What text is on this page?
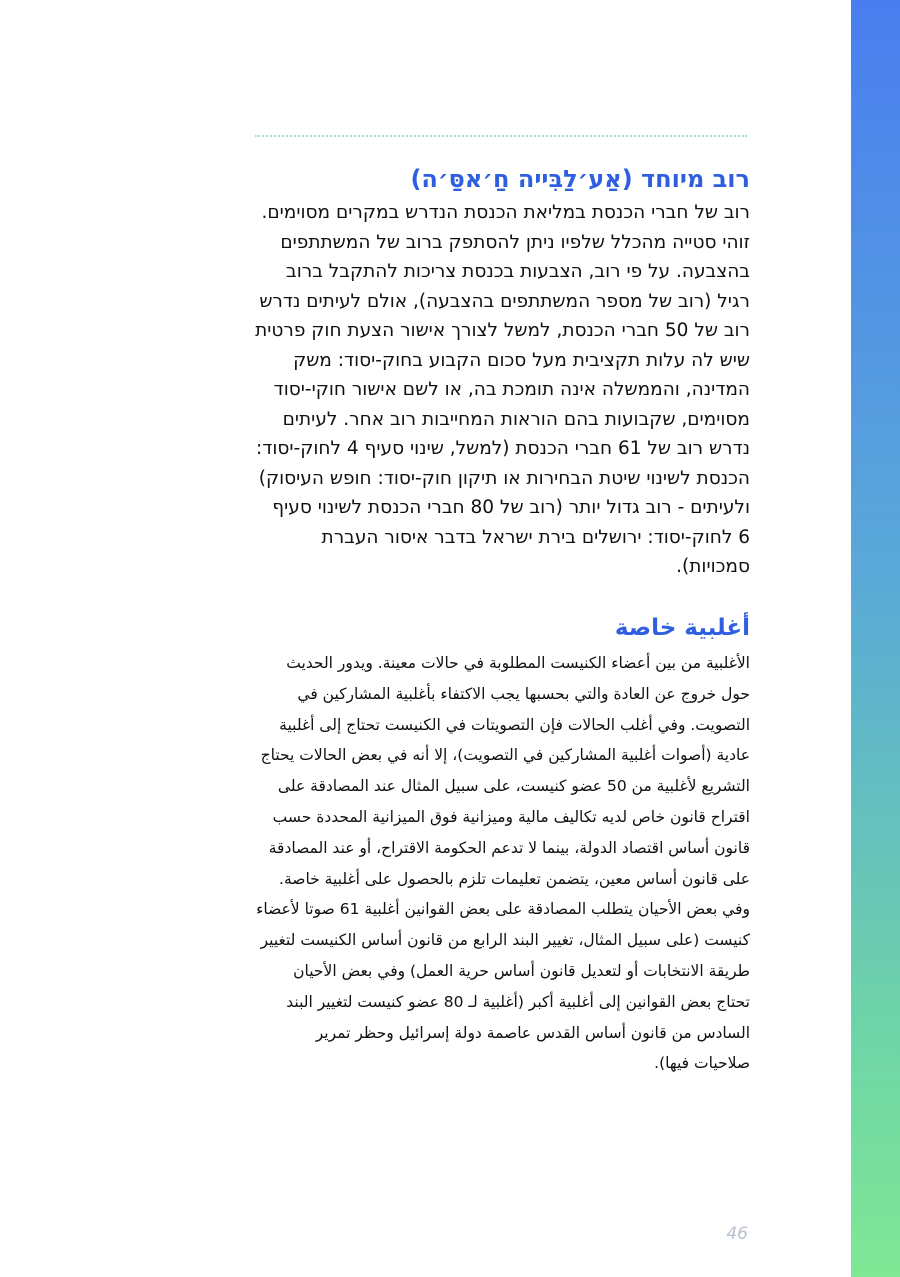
רוב מיוחד (אַע׳לַבִּייה חַ׳אסַּ׳ה)

רוב של חברי הכנסת במליאת הכנסת הנדרש במקרים מסוימים. זוהי סטייה מהכלל שלפיו ניתן להסתפק ברוב של המשתתפים בהצבעה. על פי רוב, הצבעות בכנסת צריכות להתקבל ברוב רגיל (רוב של מספר המשתתפים בהצבעה), אולם לעיתים נדרש רוב של 50 חברי הכנסת, למשל לצורך אישור הצעת חוק פרטית שיש לה עלות תקציבית מעל סכום הקבוע בחוק-יסוד: משק המדינה, והממשלה אינה תומכת בה, או לשם אישור חוקי-יסוד מסוימים, שקבועות בהם הוראות המחייבות רוב אחר. לעיתים נדרש רוב של 61 חברי הכנסת (למשל, שינוי סעיף 4 לחוק-יסוד: הכנסת לשינוי שיטת הבחירות או תיקון חוק-יסוד: חופש העיסוק) ולעיתים - רוב גדול יותר (רוב של 80 חברי הכנסת לשינוי סעיף 6 לחוק-יסוד: ירושלים בירת ישראל בדבר איסור העברת סמכויות).

أغلبية خاصة

الأغلبية من بين أعضاء الكنيست المطلوبة في حالات معينة. ويدور الحديث حول خروج عن العادة والتي بحسبها يجب الاكتفاء بأغلبية المشاركين في التصويت. وفي أغلب الحالات فإن التصويتات في الكنيست تحتاج إلى أغلبية عادية (أصوات أغلبية المشاركين في التصويت)، إلا أنه في بعض الحالات يحتاج التشريع لأغلبية من 50 عضو كنيست، على سبيل المثال عند المصادقة على اقتراح قانون خاص لديه تكاليف مالية وميزانية فوق الميزانية المحددة حسب قانون أساس اقتصاد الدولة، بينما لا تدعم الحكومة الاقتراح، أو عند المصادقة على قانون أساس معين، يتضمن تعليمات تلزم بالحصول على أغلبية خاصة. وفي بعض الأحيان يتطلب المصادقة على بعض القوانين أغلبية 61 صوتا لأعضاء كنيست (على سبيل المثال، تغيير البند الرابع من قانون أساس الكنيست لتغيير طريقة الانتخابات أو لتعديل قانون أساس حرية العمل) وفي بعض الأحيان تحتاج بعض القوانين إلى أغلبية أكبر (أغلبية لـ 80 عضو كنيست لتغيير البند السادس من قانون أساس القدس عاصمة دولة إسرائيل وحظر تمرير صلاحيات فيها).

46
